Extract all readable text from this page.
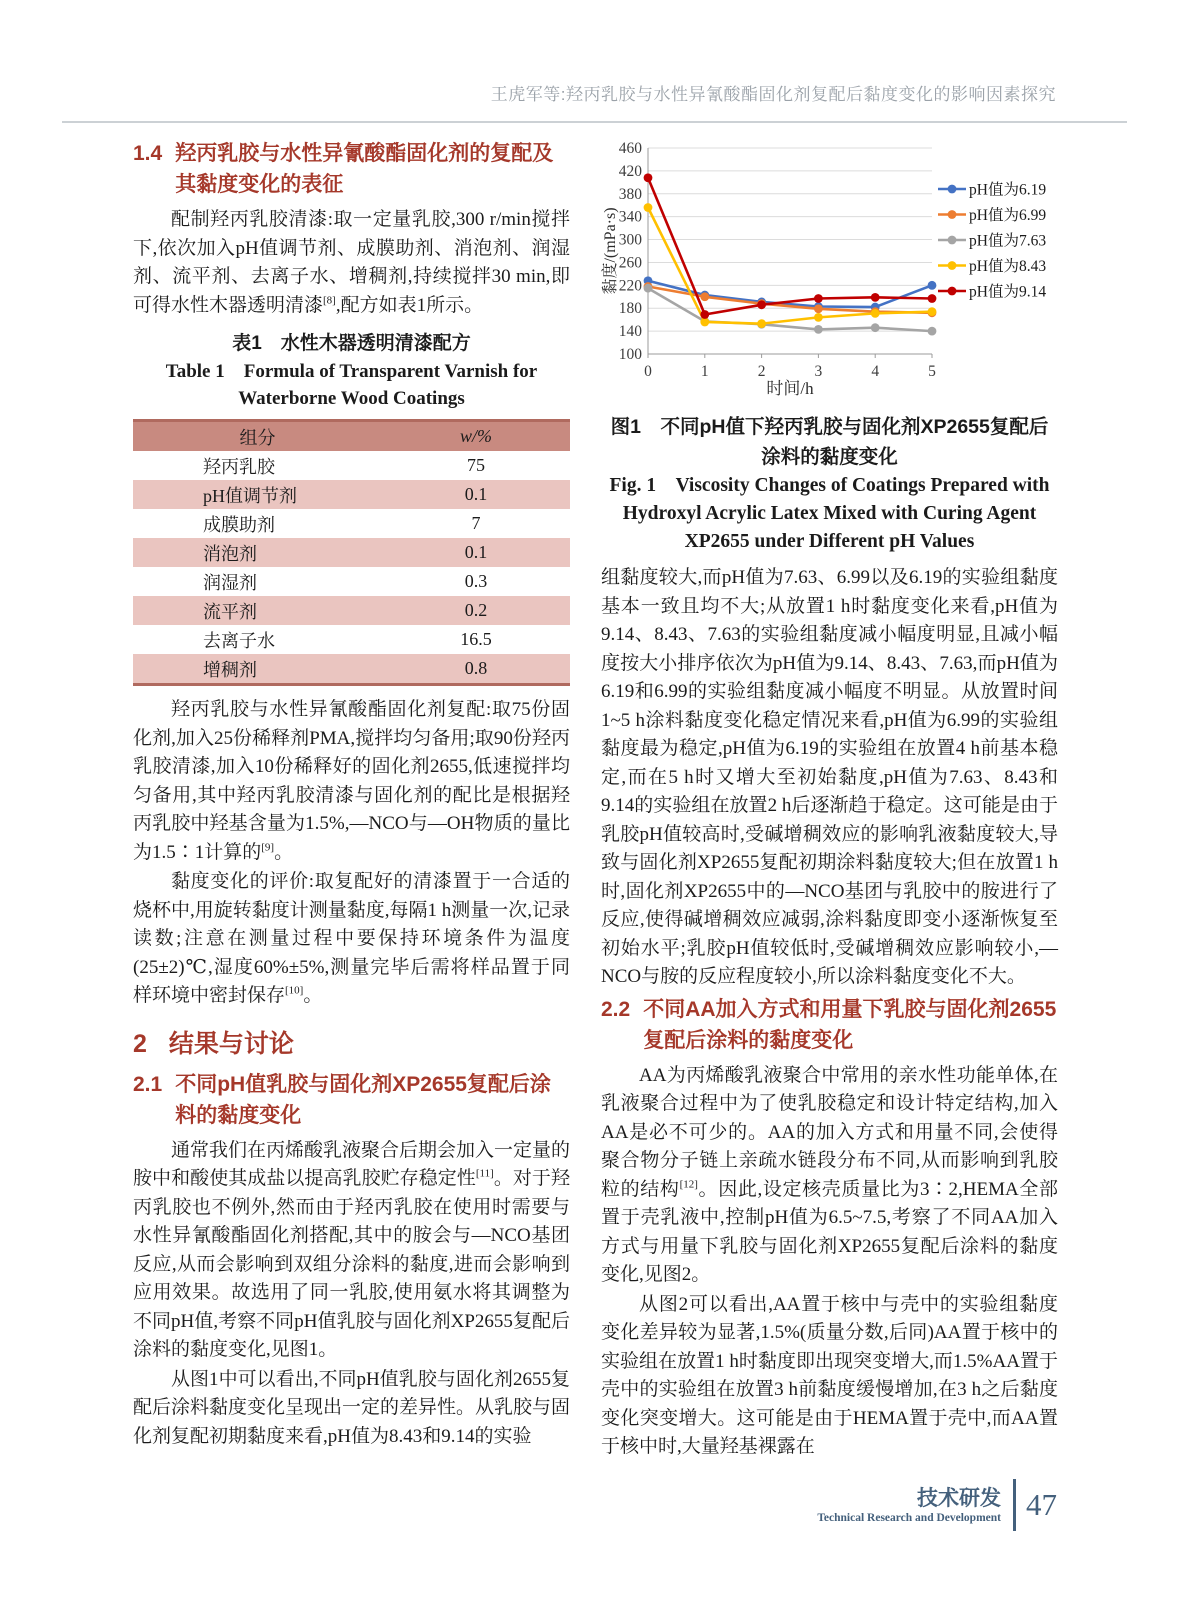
王虎军等:羟丙乳胶与水性异氰酸酯固化剂复配后黏度变化的影响因素探究
1.4 羟丙乳胶与水性异氰酸酯固化剂的复配及其黏度变化的表征

配制羟丙乳胶清漆:取一定量乳胶,300 r/min搅拌下,依次加入pH值调节剂、成膜助剂、消泡剂、润湿剂、流平剂、去离子水、增稠剂,持续搅拌30 min,即可得水性木器透明清漆[8],配方如表1所示。

表1　水性木器透明清漆配方
Table 1　Formula of Transparent Varnish for Waterborne Wood Coatings
组分	w/%
羟丙乳胶	75
pH值调节剂	0.1
成膜助剂	7
消泡剂	0.1
润湿剂	0.3
流平剂	0.2
去离子水	16.5
增稠剂	0.8

羟丙乳胶与水性异氰酸酯固化剂复配:取75份固化剂,加入25份稀释剂PMA,搅拌均匀备用;取90份羟丙乳胶清漆,加入10份稀释好的固化剂2655,低速搅拌均匀备用,其中羟丙乳胶清漆与固化剂的配比是根据羟丙乳胶中羟基含量为1.5%,—NCO与—OH物质的量比为1.5∶1计算的[9]。

黏度变化的评价:取复配好的清漆置于一合适的烧杯中,用旋转黏度计测量黏度,每隔1 h测量一次,记录读数;注意在测量过程中要保持环境条件为温度(25±2)℃,湿度60%±5%,测量完毕后需将样品置于同样环境中密封保存[10]。

2 结果与讨论
2.1 不同pH值乳胶与固化剂XP2655复配后涂料的黏度变化

通常我们在丙烯酸乳液聚合后期会加入一定量的胺中和酸使其成盐以提高乳胶贮存稳定性[11]。对于羟丙乳胶也不例外,然而由于羟丙乳胶在使用时需要与水性异氰酸酯固化剂搭配,其中的胺会与—NCO基团反应,从而会影响到双组分涂料的黏度,进而会影响到应用效果。故选用了同一乳胶,使用氨水将其调整为不同pH值,考察不同pH值乳胶与固化剂XP2655复配后涂料的黏度变化,见图1。

从图1中可以看出,不同pH值乳胶与固化剂2655复配后涂料黏度变化呈现出一定的差异性。从乳胶与固化剂复配初期黏度来看,pH值为8.43和9.14的实验

100
140
180
220
260
300
340
380
420
460
0	1	2	3	4	5
黏度/(mPa·s)
时间/h
pH值为6.19
pH值为6.99
pH值为7.63
pH值为8.43
pH值为9.14
图1　不同pH值下羟丙乳胶与固化剂XP2655复配后涂料的黏度变化
Fig. 1　Viscosity Changes of Coatings Prepared with Hydroxyl Acrylic Latex Mixed with Curing Agent XP2655 under Different pH Values

组黏度较大,而pH值为7.63、6.99以及6.19的实验组黏度基本一致且均不大;从放置1 h时黏度变化来看,pH值为9.14、8.43、7.63的实验组黏度减小幅度明显,且减小幅度按大小排序依次为pH值为9.14、8.43、7.63,而pH值为6.19和6.99的实验组黏度减小幅度不明显。从放置时间1~5 h涂料黏度变化稳定情况来看,pH值为6.99的实验组黏度最为稳定,pH值为6.19的实验组在放置4 h前基本稳定,而在5 h时又增大至初始黏度,pH值为7.63、8.43和9.14的实验组在放置2 h后逐渐趋于稳定。这可能是由于乳胶pH值较高时,受碱增稠效应的影响乳液黏度较大,导致与固化剂XP2655复配初期涂料黏度较大;但在放置1 h时,固化剂XP2655中的—NCO基团与乳胶中的胺进行了反应,使得碱增稠效应减弱,涂料黏度即变小逐渐恢复至初始水平;乳胶pH值较低时,受碱增稠效应影响较小,—NCO与胺的反应程度较小,所以涂料黏度变化不大。

2.2 不同AA加入方式和用量下乳胶与固化剂2655复配后涂料的黏度变化

AA为丙烯酸乳液聚合中常用的亲水性功能单体,在乳液聚合过程中为了使乳胶稳定和设计特定结构,加入AA是必不可少的。AA的加入方式和用量不同,会使得聚合物分子链上亲疏水链段分布不同,从而影响到乳胶粒的结构[12]。因此,设定核壳质量比为3∶2,HEMA全部置于壳乳液中,控制pH值为6.5~7.5,考察了不同AA加入方式与用量下乳胶与固化剂XP2655复配后涂料的黏度变化,见图2。

从图2可以看出,AA置于核中与壳中的实验组黏度变化差异较为显著,1.5%(质量分数,后同)AA置于核中的实验组在放置1 h时黏度即出现突变增大,而1.5%AA置于壳中的实验组在放置3 h前黏度缓慢增加,在3 h之后黏度变化突变增大。这可能是由于HEMA置于壳中,而AA置于核中时,大量羟基裸露在

技术研发
Technical Research and Development 47
